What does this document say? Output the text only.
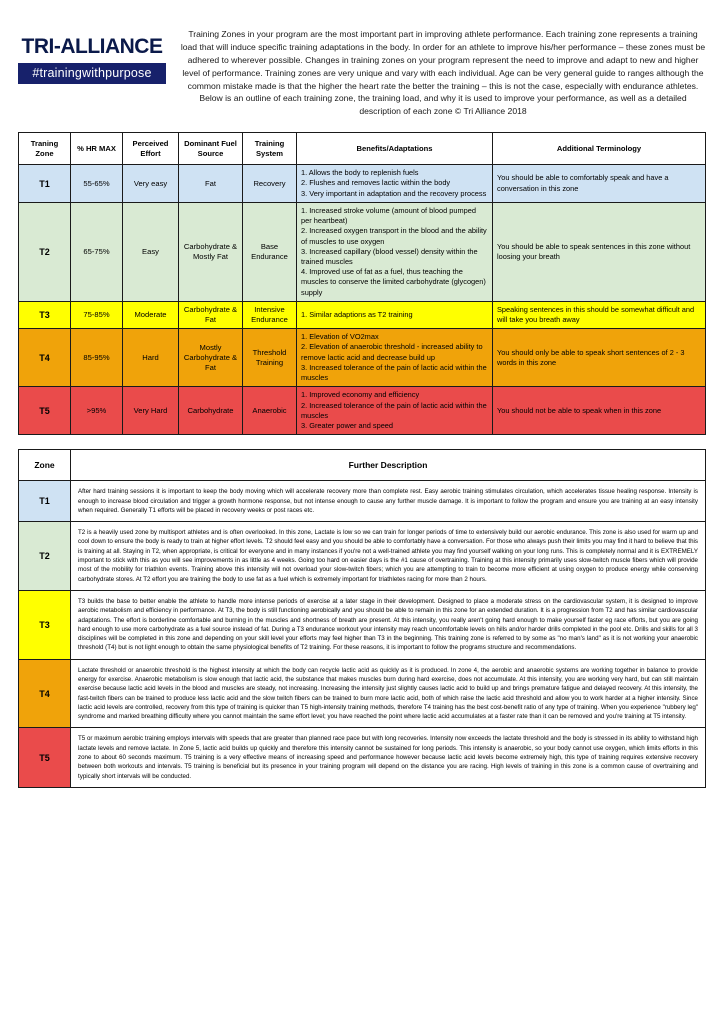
TRI-ALLIANCE
#trainingwithpurpose
Training Zones in your program are the most important part in improving athlete performance. Each training zone represents a training load that will induce specific training adaptations in the body. In order for an athlete to improve his/her performance – these zones must be adhered to wherever possible. Changes in training zones on your program represent the need to improve and adapt to new and higher level of performance. Training zones are very unique and vary with each individual. Age can be very general guide to ranges although the common mistake made is that the higher the heart rate the better the training – this is not the case, especially with endurance athletes. Below is an outline of each training zone, the training load, and why it is used to improve your performance, as well as a detailed description of each zone © Tri Alliance 2018
Traning Zone	% HR MAX	Perceived Effort	Dominant Fuel Source	Training System	Benefits/Adaptations	Additional Terminology
T1	55-65%	Very easy	Fat	Recovery	1. Allows the body to replenish fuels
2. Flushes and removes lactic within the body
3. Very important in adaptation and the recovery process	You should be able to comfortably speak and have a conversation in this zone
T2	65-75%	Easy	Carbohydrate & Mostly Fat	Base Endurance	1. Increased stroke volume (amount of blood pumped per heartbeat)
2. Increased oxygen transport in the blood and the ability of muscles to use oxygen
3. Increased capillary (blood vessel) density within the trained muscles
4. Improved use of fat as a fuel, thus teaching the muscles to conserve the limited carbohydrate (glycogen) supply	You should be able to speak sentences in this zone without loosing your breath
T3	75-85%	Moderate	Carbohydrate & Fat	Intensive Endurance	1. Similar adaptions as T2 training	Speaking sentences in this should be somewhat difficult and will take you breath away
T4	85-95%	Hard	Mostly Carbohydrate & Fat	Threshold Training	1. Elevation of VO2max
2. Elevation of anaerobic threshold - increased ability to remove lactic acid and decrease build up
3. Increased tolerance of the pain of lactic acid within the muscles	You should only be able to speak short sentences of 2 - 3 words in this zone
T5	>95%	Very Hard	Carbohydrate	Anaerobic	1. Improved economy and efficiency
2. Increased tolerance of the pain of lactic acid within the muscles
3. Greater power and speed	You should not be able to speak when in this zone
Zone	Further Description
T1	After hard training sessions it is important to keep the body moving which will accelerate recovery more than complete rest. Easy aerobic training stimulates circulation, which accelerates tissue healing response. Intensity is enough to increase blood circulation and trigger a growth hormone response, but not intense enough to cause any further muscle damage. It is important to follow the program and ensure you are training at an easy intensity when required. Generally T1 efforts will be placed in recovery weeks or post races etc.
T2	T2 is a heavily used zone by multisport athletes and is often overlooked. In this zone, Lactate is low so we can train for longer periods of time to extensively build our aerobic endurance. This zone is also used for warm up and cool down to ensure the body is ready to train at higher effort levels. T2 should feel easy and you should be able to comfortably have a conversation. For those who always push their limits you may find it hard to believe that this is training at all. Staying in T2, when appropriate, is critical for everyone and in many instances if you're not a well-trained athlete you may find yourself walking on your long runs. This is completely normal and it is EXTREMELY important to stick with this as you will see improvements in as little as 4 weeks. Going too hard on easier days is the #1 cause of overtraining. Training at this intensity primarily uses slow-twitch muscle fibers which will provide most of the mobility for triathlon events. Training above this intensity will not overload your slow-twitch fibers; which you are attempting to train to become more efficient at using oxygen to produce energy while conserving carbohydrate stores. At T2 effort you are training the body to use fat as a fuel which is extremely important for triathletes racing for more than 2 hours.
T3	T3 builds the base to better enable the athlete to handle more intense periods of exercise at a later stage in their development. Designed to place a moderate stress on the cardiovascular system, it is designed to improve aerobic metabolism and efficiency in performance. At T3, the body is still functioning aerobically and you should be able to remain in this zone for an extended duration. It is a progression from T2 and has similar cardiovascular adaptations. The effort is borderline comfortable and burning in the muscles and shortness of breath are present. At this intensity, you really aren't going hard enough to make yourself faster eg race efforts, but you are going hard enough to use more carbohydrate as a fuel source instead of fat. During a T3 endurance workout your intensity may reach uncomfortable levels on hills and/or harder drills completed in the pool etc. Drills and skills for all 3 disciplines will be completed in this zone and depending on your skill level your efforts may feel higher than T3 in the beginning. This training zone is referred to by some as "no man's land" as it is not working your anaerobic threshold (T4) but is not light enough to obtain the same physiological benefits of T2 training. For these reasons, it is important to follow the programs structure and recommendations.
T4	Lactate threshold or anaerobic threshold is the highest intensity at which the body can recycle lactic acid as quickly as it is produced. In zone 4, the aerobic and anaerobic systems are working together in balance to provide energy for exercise. Anaerobic metabolism is slow enough that lactic acid, the substance that makes muscles burn during hard exercise, does not accumulate. At this intensity, you are working very hard, but can still maintain exercise because lactic acid levels in the blood and muscles are steady, not increasing. Increasing the intensity just slightly causes lactic acid to build up and brings premature fatigue and delayed recovery. At this intensity, the fast-twitch fibers can be trained to produce less lactic acid and the slow twitch fibers can be trained to burn more lactic acid, both of which raise the lactic acid threshold and allow you to work harder at a higher intensity. Since lactic acid levels are controlled, recovery from this type of training is quicker than T5 high-intensity training methods, therefore T4 training has the best cost-benefit ratio of any type of training. When you experience "rubbery leg" syndrome and marked breathing difficulty where you cannot maintain the same effort level; you have reached the point where lactic acid accumulates at a faster rate than it can be removed and you're training at T5 intensity.
T5	T5 or maximum aerobic training employs intervals with speeds that are greater than planned race pace but with long recoveries. Intensity now exceeds the lactate threshold and the body is stressed in its ability to withstand high lactate levels and remove lactate. In Zone 5, lactic acid builds up quickly and therefore this intensity cannot be sustained for long periods. This intensity is anaerobic, so your body cannot use oxygen, which limits efforts in this zone to about 60 seconds maximum. T5 training is a very effective means of increasing speed and performance however because lactic acid levels become extremely high, this type of training requires extensive recovery between both workouts and intervals. T5 training is beneficial but its presence in your training program will depend on the distance you are racing. High levels of training in this zone is a common cause of overtraining and typically short intervals will be conducted.
